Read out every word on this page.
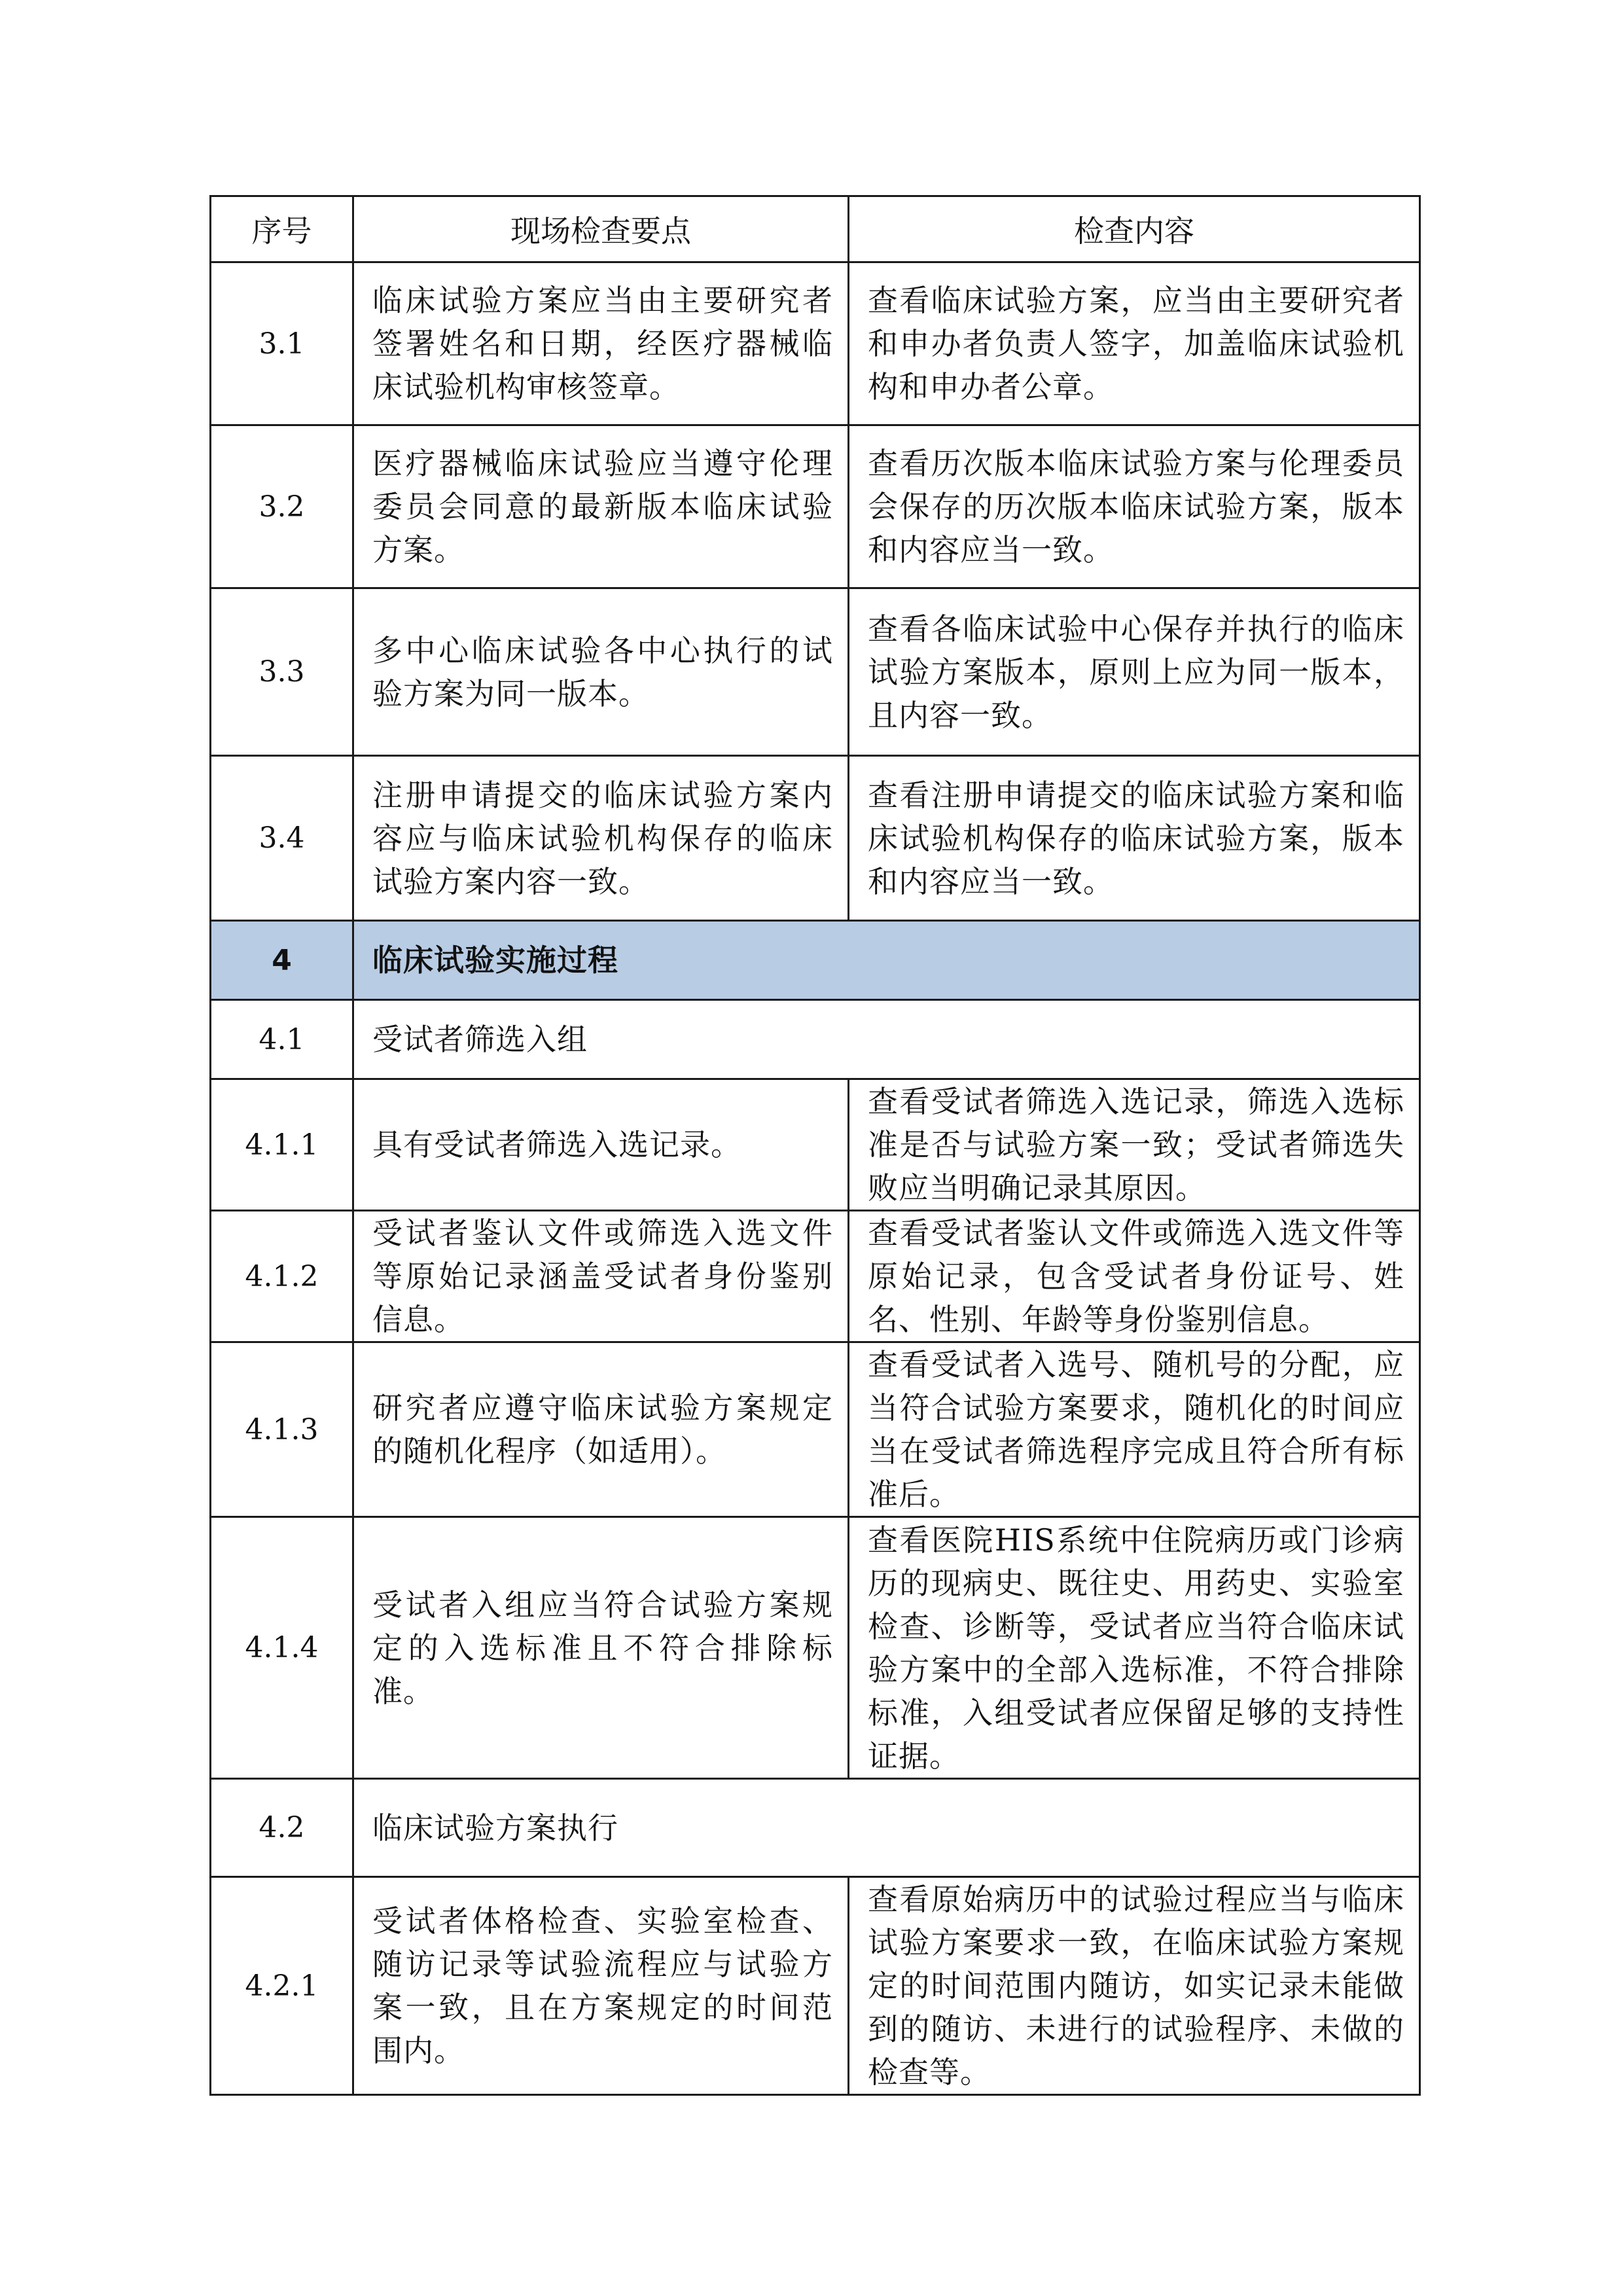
序号	现场检查要点	检查内容
3.1	临床试验方案应当由主要研究者签署姓名和日期，经医疗器械临床试验机构审核签章。	查看临床试验方案，应当由主要研究者和申办者负责人签字，加盖临床试验机构和申办者公章。

3.2	医疗器械临床试验应当遵守伦理委员会同意的最新版本临床试验方案。	查看历次版本临床试验方案与伦理委员会保存的历次版本临床试验方案，版本和内容应当一致。

3.3	多中心临床试验各中心执行的试验方案为同一版本。	查看各临床试验中心保存并执行的临床试验方案版本，原则上应为同一版本，且内容一致。

3.4	注册申请提交的临床试验方案内容应与临床试验机构保存的临床试验方案内容一致。	查看注册申请提交的临床试验方案和临床试验机构保存的临床试验方案，版本和内容应当一致。

4	临床试验实施过程	

4.1	受试者筛选入组	

4.1.1	具有受试者筛选入选记录。	查看受试者筛选入选记录，筛选入选标准是否与试验方案一致；受试者筛选失败应当明确记录其原因。

4.1.2	受试者鉴认文件或筛选入选文件等原始记录涵盖受试者身份鉴别信息。	查看受试者鉴认文件或筛选入选文件等原始记录，包含受试者身份证号、姓名、性别、年龄等身份鉴别信息。

4.1.3	研究者应遵守临床试验方案规定的随机化程序（如适用）。	查看受试者入选号、随机号的分配，应当符合试验方案要求，随机化的时间应当在受试者筛选程序完成且符合所有标准后。

4.1.4	受试者入组应当符合试验方案规定的入选标准且不符合排除标准。	查看医院HIS系统中住院病历或门诊病历的现病史、既往史、用药史、实验室检查、诊断等，受试者应当符合临床试验方案中的全部入选标准，不符合排除标准，入组受试者应保留足够的支持性证据。

4.2	临床试验方案执行	

4.2.1	受试者体格检查、实验室检查、随访记录等试验流程应与试验方案一致，且在方案规定的时间范围内。	查看原始病历中的试验过程应当与临床试验方案要求一致，在临床试验方案规定的时间范围内随访，如实记录未能做到的随访、未进行的试验程序、未做的检查等。
